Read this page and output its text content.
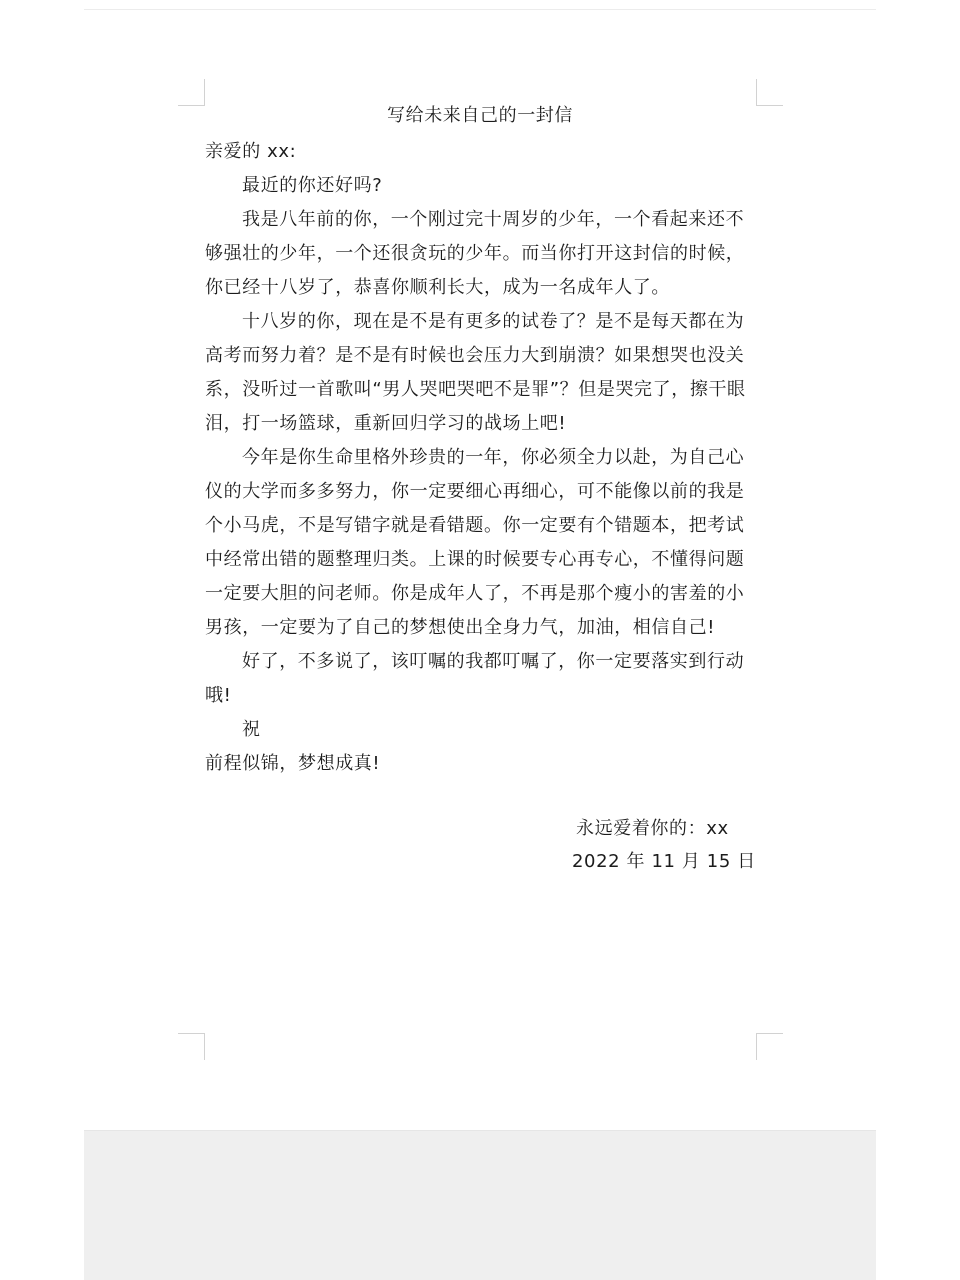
写给未来自己的一封信
亲爱的 xx:
最近的你还好吗?
我是八年前的你，一个刚过完十周岁的少年，一个看起来还不
够强壮的少年，一个还很贪玩的少年。而当你打开这封信的时候，
你已经十八岁了，恭喜你顺利长大，成为一名成年人了。
十八岁的你，现在是不是有更多的试卷了？是不是每天都在为
高考而努力着？是不是有时候也会压力大到崩溃？如果想哭也没关
系，没听过一首歌叫“男人哭吧哭吧不是罪”？但是哭完了，擦干眼
泪，打一场篮球，重新回归学习的战场上吧!
今年是你生命里格外珍贵的一年，你必须全力以赴，为自己心
仪的大学而多多努力，你一定要细心再细心，可不能像以前的我是
个小马虎，不是写错字就是看错题。你一定要有个错题本，把考试
中经常出错的题整理归类。上课的时候要专心再专心，不懂得问题
一定要大胆的问老师。你是成年人了，不再是那个瘦小的害羞的小
男孩，一定要为了自己的梦想使出全身力气，加油，相信自己!
好了，不多说了，该叮嘱的我都叮嘱了，你一定要落实到行动
哦!
祝
前程似锦，梦想成真!
永远爱着你的：xx
2022 年 11 月 15 日
